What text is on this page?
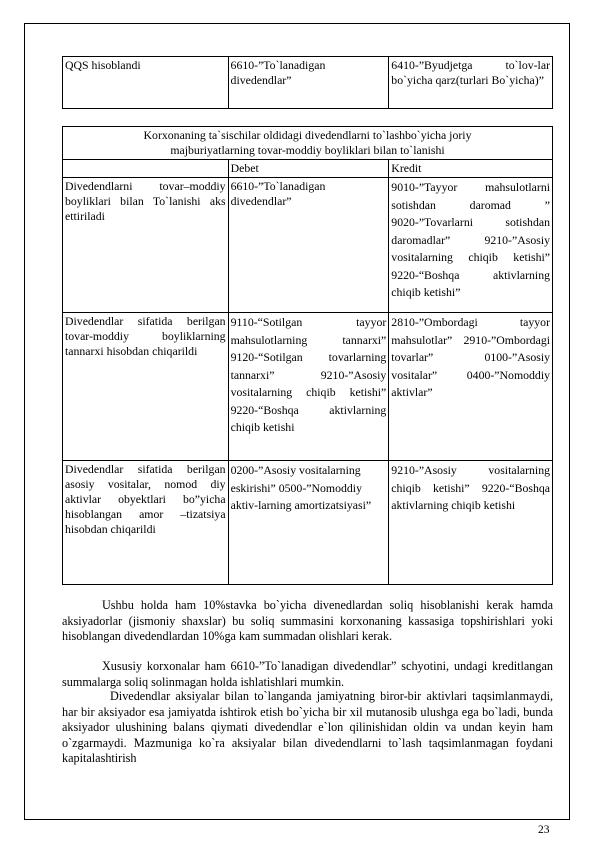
QQS hisoblandi	6610-”To`lanadigan divedendlar”	6410-”Byudjetga to`lov-lar bo`yicha qarz(turlari Bo`yicha)”
Korxonaning ta`sischilar oldidagi divedendlarni to`lashbo`yicha joriy majburiyatlarning tovar-moddiy boyliklari bilan to`lanishi		
	Debet	Kredit
Divedendlarni tovar–moddiy boyliklari bilan To`lanishi aks ettiriladi	6610-”To`lanadigan divedendlar”	9010-”Tayyor mahsulotlarni sotishdan daromad ” 9020-”Tovarlarni sotishdan daromadlar” 9210-”Asosiy vositalarning chiqib ketishi” 9220-“Boshqa aktivlarning chiqib ketishi”
Divedendlar sifatida berilgan tovar-moddiy boyliklarning tannarxi hisobdan chiqarildi	9110-“Sotilgan tayyor mahsulotlarning tannarxi” 9120-“Sotilgan tovarlarning tannarxi” 9210-”Asosiy vositalarning chiqib ketishi” 9220-“Boshqa aktivlarning chiqib ketishi	2810-”Ombordagi tayyor mahsulotlar” 2910-”Ombordagi tovarlar” 0100-”Asosiy vositalar” 0400-”Nomoddiy aktivlar”
Divedendlar sifatida berilgan asosiy vositalar, nomod diy aktivlar obyektlari bo”yicha hisoblangan amor –tizatsiya hisobdan chiqarildi	0200-”Asosiy vositalarning eskirishi” 0500-”Nomoddiy aktiv-larning amortizatsiyasi”	9210-”Asosiy vositalarning chiqib ketishi” 9220-“Boshqa aktivlarning chiqib ketishi

Ushbu holda ham 10%stavka bo`yicha divenedlardan soliq hisoblanishi kerak hamda aksiyadorlar (jismoniy shaxslar) bu soliq summasini korxonaning kassasiga topshirishlari yoki hisoblangan divedendlardan 10%ga kam summadan olishlari kerak.

Xususiy korxonalar ham 6610-”To`lanadigan divedendlar” schyotini, undagi kreditlangan summalarga soliq solinmagan holda ishlatishlari mumkin.

Divedendlar aksiyalar bilan to`langanda jamiyatning biror-bir aktivlari taqsimlanmaydi, har bir aksiyador esa jamiyatda ishtirok etish bo`yicha bir xil mutanosib ulushga ega bo`ladi, bunda aksiyador ulushining balans qiymati divedendlar e`lon qilinishidan oldin va undan keyin ham o`zgarmaydi. Mazmuniga ko`ra aksiyalar bilan divedendlarni to`lash taqsimlanmagan foydani kapitalashtirish

23
